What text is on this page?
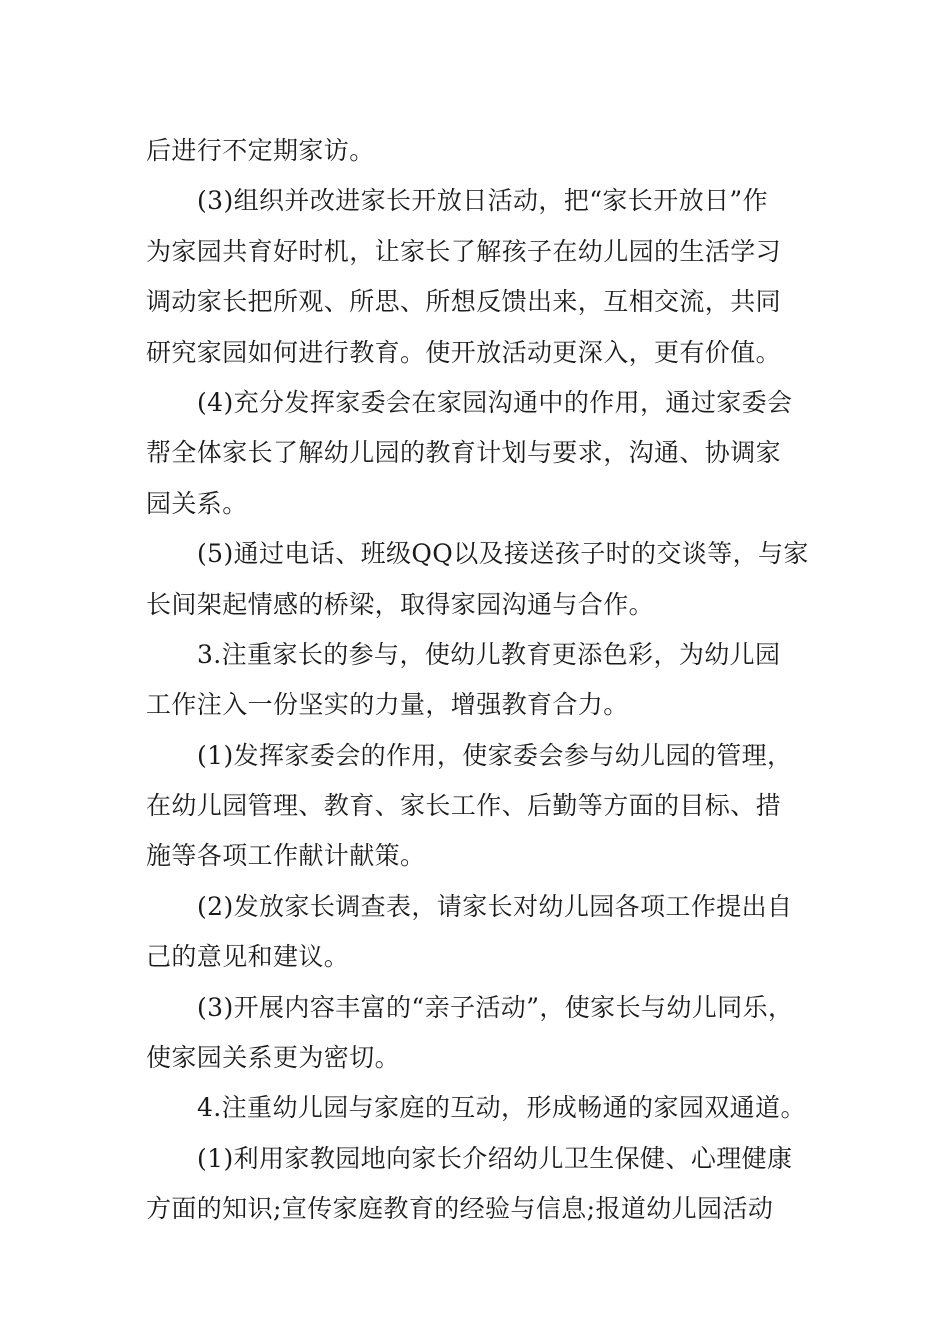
后进行不定期家访。
(3)组织并改进家长开放日活动，把“家长开放日”作
为家园共育好时机，让家长了解孩子在幼儿园的生活学习
调动家长把所观、所思、所想反馈出来，互相交流，共同
研究家园如何进行教育。使开放活动更深入，更有价值。
(4)充分发挥家委会在家园沟通中的作用，通过家委会
帮全体家长了解幼儿园的教育计划与要求，沟通、协调家
园关系。
(5)通过电话、班级QQ以及接送孩子时的交谈等，与家
长间架起情感的桥梁，取得家园沟通与合作。
3.注重家长的参与，使幼儿教育更添色彩，为幼儿园
工作注入一份坚实的力量，增强教育合力。
(1)发挥家委会的作用，使家委会参与幼儿园的管理，
在幼儿园管理、教育、家长工作、后勤等方面的目标、措
施等各项工作献计献策。
(2)发放家长调查表，请家长对幼儿园各项工作提出自
己的意见和建议。
(3)开展内容丰富的“亲子活动”，使家长与幼儿同乐，
使家园关系更为密切。
4.注重幼儿园与家庭的互动，形成畅通的家园双通道。
(1)利用家教园地向家长介绍幼儿卫生保健、心理健康
方面的知识;宣传家庭教育的经验与信息;报道幼儿园活动
